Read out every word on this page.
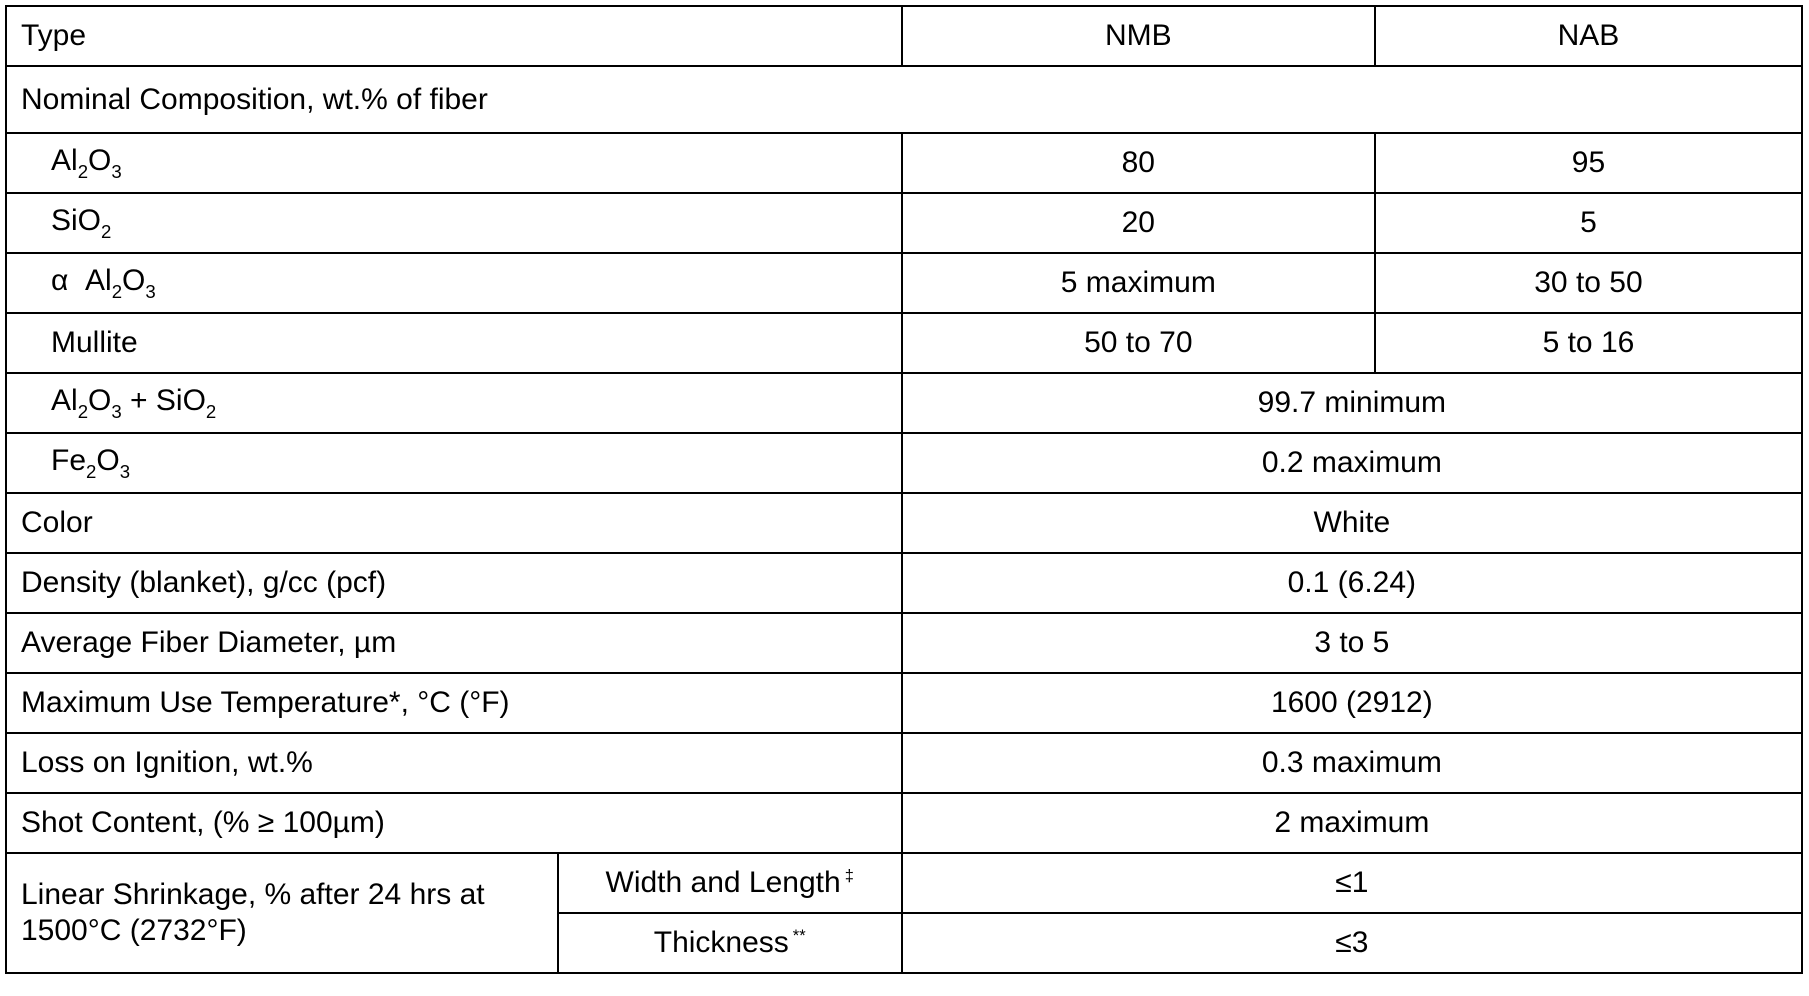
Type		NMB	NAB
Nominal Composition, wt.% of fiber			
$Al_2O_3$		80	95
SiO$_2$		20	5
α $Al_2O_3$		5 maximum	30 to 50
Mullite		50 to 70	5 to 16
$Al_2O_3 + SiO_2$		99.7 minimum	
$Fe_2O_3$		0.2 maximum	
Color		White	
Density (blanket), g/cc (pcf)		0.1 (6.24)	
Average Fiber Diameter, µm		3 to 5	
Maximum Use Temperature*, °C (°F)		1600 (2912)	
Loss on Ignition, wt.%		0.3 maximum	
Shot Content, (% ≥ 100µm)		2 maximum	
Linear Shrinkage, % after 24 hrs at 1500°C (2732°F)	Width and Length ‡	≤1	
	Thickness **	≤3	
